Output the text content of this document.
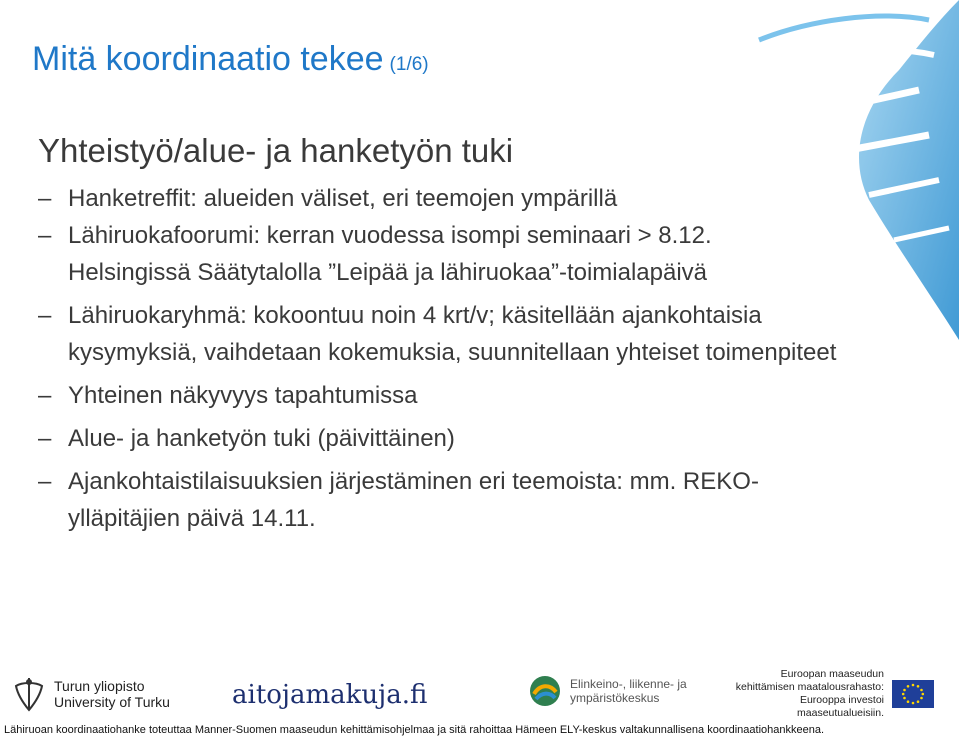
Mitä koordinaatio tekee (1/6)
Yhteistyö/alue- ja hanketyön tuki
– Hanketreffit: alueiden väliset, eri teemojen ympärillä
– Lähiruokafoorumi: kerran vuodessa isompi seminaari > 8.12. Helsingissä Säätytalolla ”Leipää ja lähiruokaa”-toimialapäivä
– Lähiruokaryhmä: kokoontuu noin 4 krt/v; käsitellään ajankohtaisia kysymyksiä, vaihdetaan kokemuksia, suunnitellaan yhteiset toimenpiteet
– Yhteinen näkyvyys tapahtumissa
– Alue- ja hanketyön tuki (päivittäinen)
– Ajankohtaistilaisuuksien järjestäminen eri teemoista: mm. REKO-ylläpitäjien päivä 14.11.
Turun yliopisto
University of Turku aitojamakuja.fi	Elinkeino-, liikenne- ja
ympäristökeskus
Euroopan maaseudun
kehittämisen maatalousrahasto:
Eurooppa investoi maaseutualueisiin.
Lähiruoan koordinaatiohanke toteuttaa Manner-Suomen maaseudun kehittämisohjelmaa ja sitä rahoittaa Hämeen ELY-keskus valtakunnallisena koordinaatiohankkeena.
